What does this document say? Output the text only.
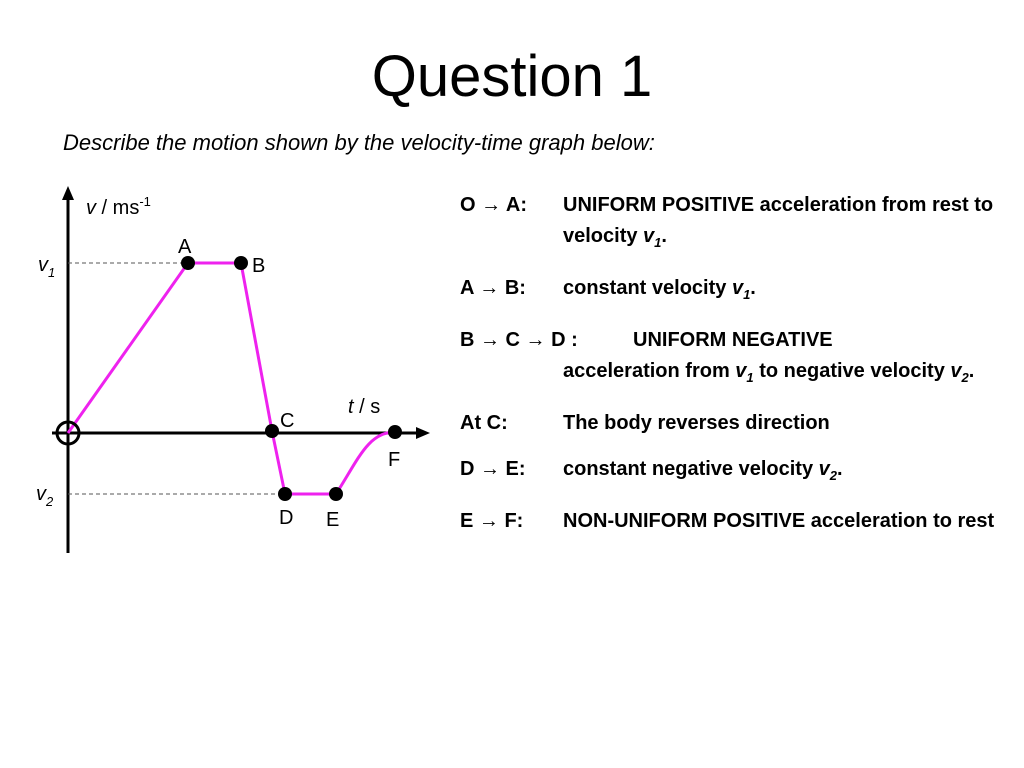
Question 1
Describe the motion shown by the velocity-time graph below:
A
B
C
D E
F
v / $ms^{-1}$
t / s
$v_1$
$v_2$
O → A:	UNIFORM POSITIVE acceleration from rest to velocity $v_1$.
A → B:	constant velocity $v_1$.
B → C → D :	UNIFORM NEGATIVE
acceleration from $v_1$ to negative velocity $v_2$.
At C:	The body reverses direction
D → E:	constant negative velocity $v_2$.
E → F:	NON-UNIFORM POSITIVE acceleration to rest
